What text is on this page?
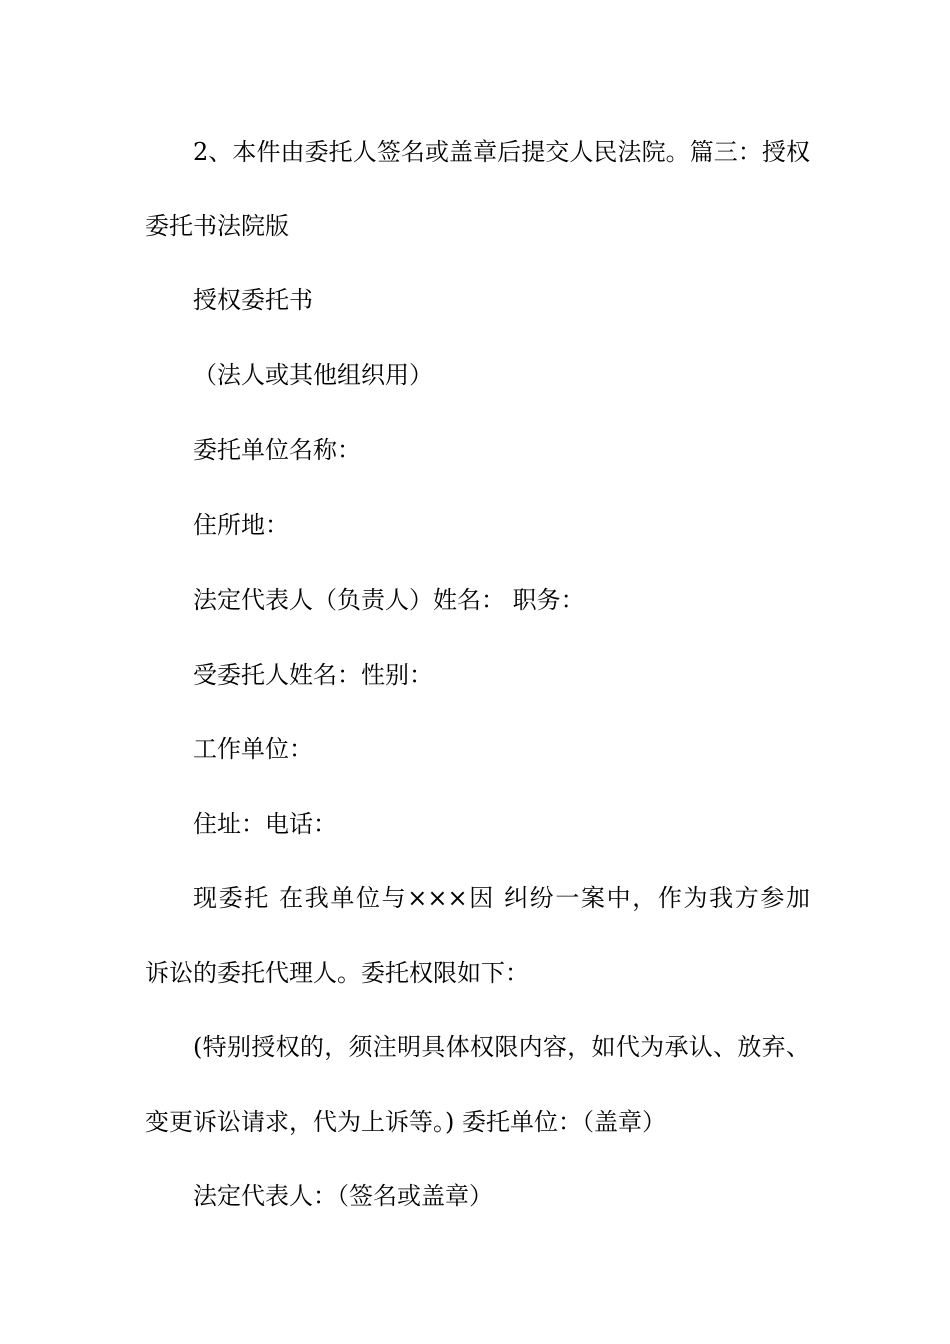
2、本件由委托人签名或盖章后提交人民法院。篇三：授权
委托书法院版
授权委托书
（法人或其他组织用）
委托单位名称：
住所地：
法定代表人（负责人）姓名： 职务：
受委托人姓名：性别：
工作单位：
住址：电话：
现委托 在我单位与×××因 纠纷一案中，作为我方参加
诉讼的委托代理人。委托权限如下：
(特别授权的，须注明具体权限内容，如代为承认、放弃、
变更诉讼请求，代为上诉等。) 委托单位：（盖章）
法定代表人：（签名或盖章）
